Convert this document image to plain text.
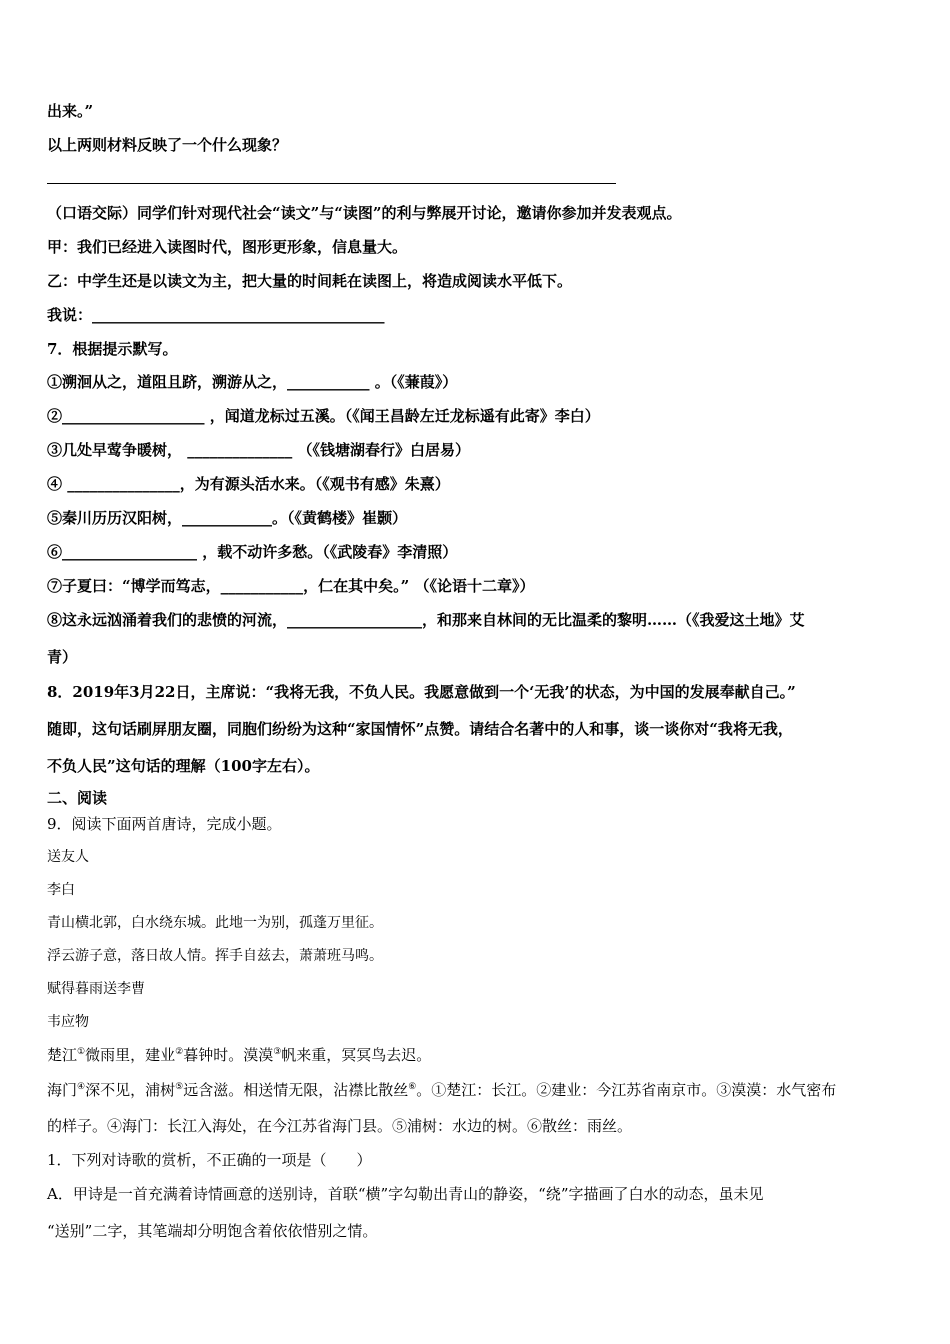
出来。”
以上两则材料反映了一个什么现象？
（口语交际）同学们针对现代社会“读文”与“读图”的利与弊展开讨论，邀请你参加并发表观点。
甲：我们已经进入读图时代，图形更形象，信息量大。
乙：中学生还是以读文为主，把大量的时间耗在读图上，将造成阅读水平低下。
我说：_______________________________________
7．根据提示默写。
①溯洄从之，道阻且跻，溯游从之，___________ 。（《蒹葭》）
②___________________ ，闻道龙标过五溪。（《闻王昌龄左迁龙标遥有此寄》李白）
③几处早莺争暖树， ______________ （《钱塘湖春行》白居易）
④ _______________，为有源头活水来。（《观书有感》朱熹）
⑤秦川历历汉阳树，____________。（《黄鹤楼》崔颢）
⑥__________________ ，载不动许多愁。（《武陵春》李清照）
⑦子夏曰：“博学而笃志，___________，仁在其中矣。” （《论语十二章》）
⑧这永远汹涌着我们的悲愤的河流，__________________，和那来自林间的无比温柔的黎明……（《我爱这土地》艾
青）
8．2019年3月22日，主席说：“我将无我，不负人民。我愿意做到一个‘无我’的状态，为中国的发展奉献自己。”
随即，这句话刷屏朋友圈，同胞们纷纷为这种“家国情怀”点赞。请结合名著中的人和事，谈一谈你对“我将无我，
不负人民”这句话的理解（100字左右）。
二、阅读
9．阅读下面两首唐诗，完成小题。
送友人
李白
青山横北郭，白水绕东城。此地一为别，孤蓬万里征。
浮云游子意，落日故人情。挥手自兹去，萧萧班马鸣。
赋得暮雨送李曹
韦应物
楚江①微雨里，建业②暮钟时。漠漠③帆来重，冥冥鸟去迟。
海门④深不见，浦树⑤远含滋。相送情无限，沾襟比散丝⑥。①楚江：长江。②建业：今江苏省南京市。③漠漠：水气密布
的样子。④海门：长江入海处，在今江苏省海门县。⑤浦树：水边的树。⑥散丝：雨丝。
1．下列对诗歌的赏析，不正确的一项是（　　）
A．甲诗是一首充满着诗情画意的送别诗，首联“横”字勾勒出青山的静姿，“绕”字描画了白水的动态，虽未见
“送别”二字，其笔端却分明饱含着依依惜别之情。
